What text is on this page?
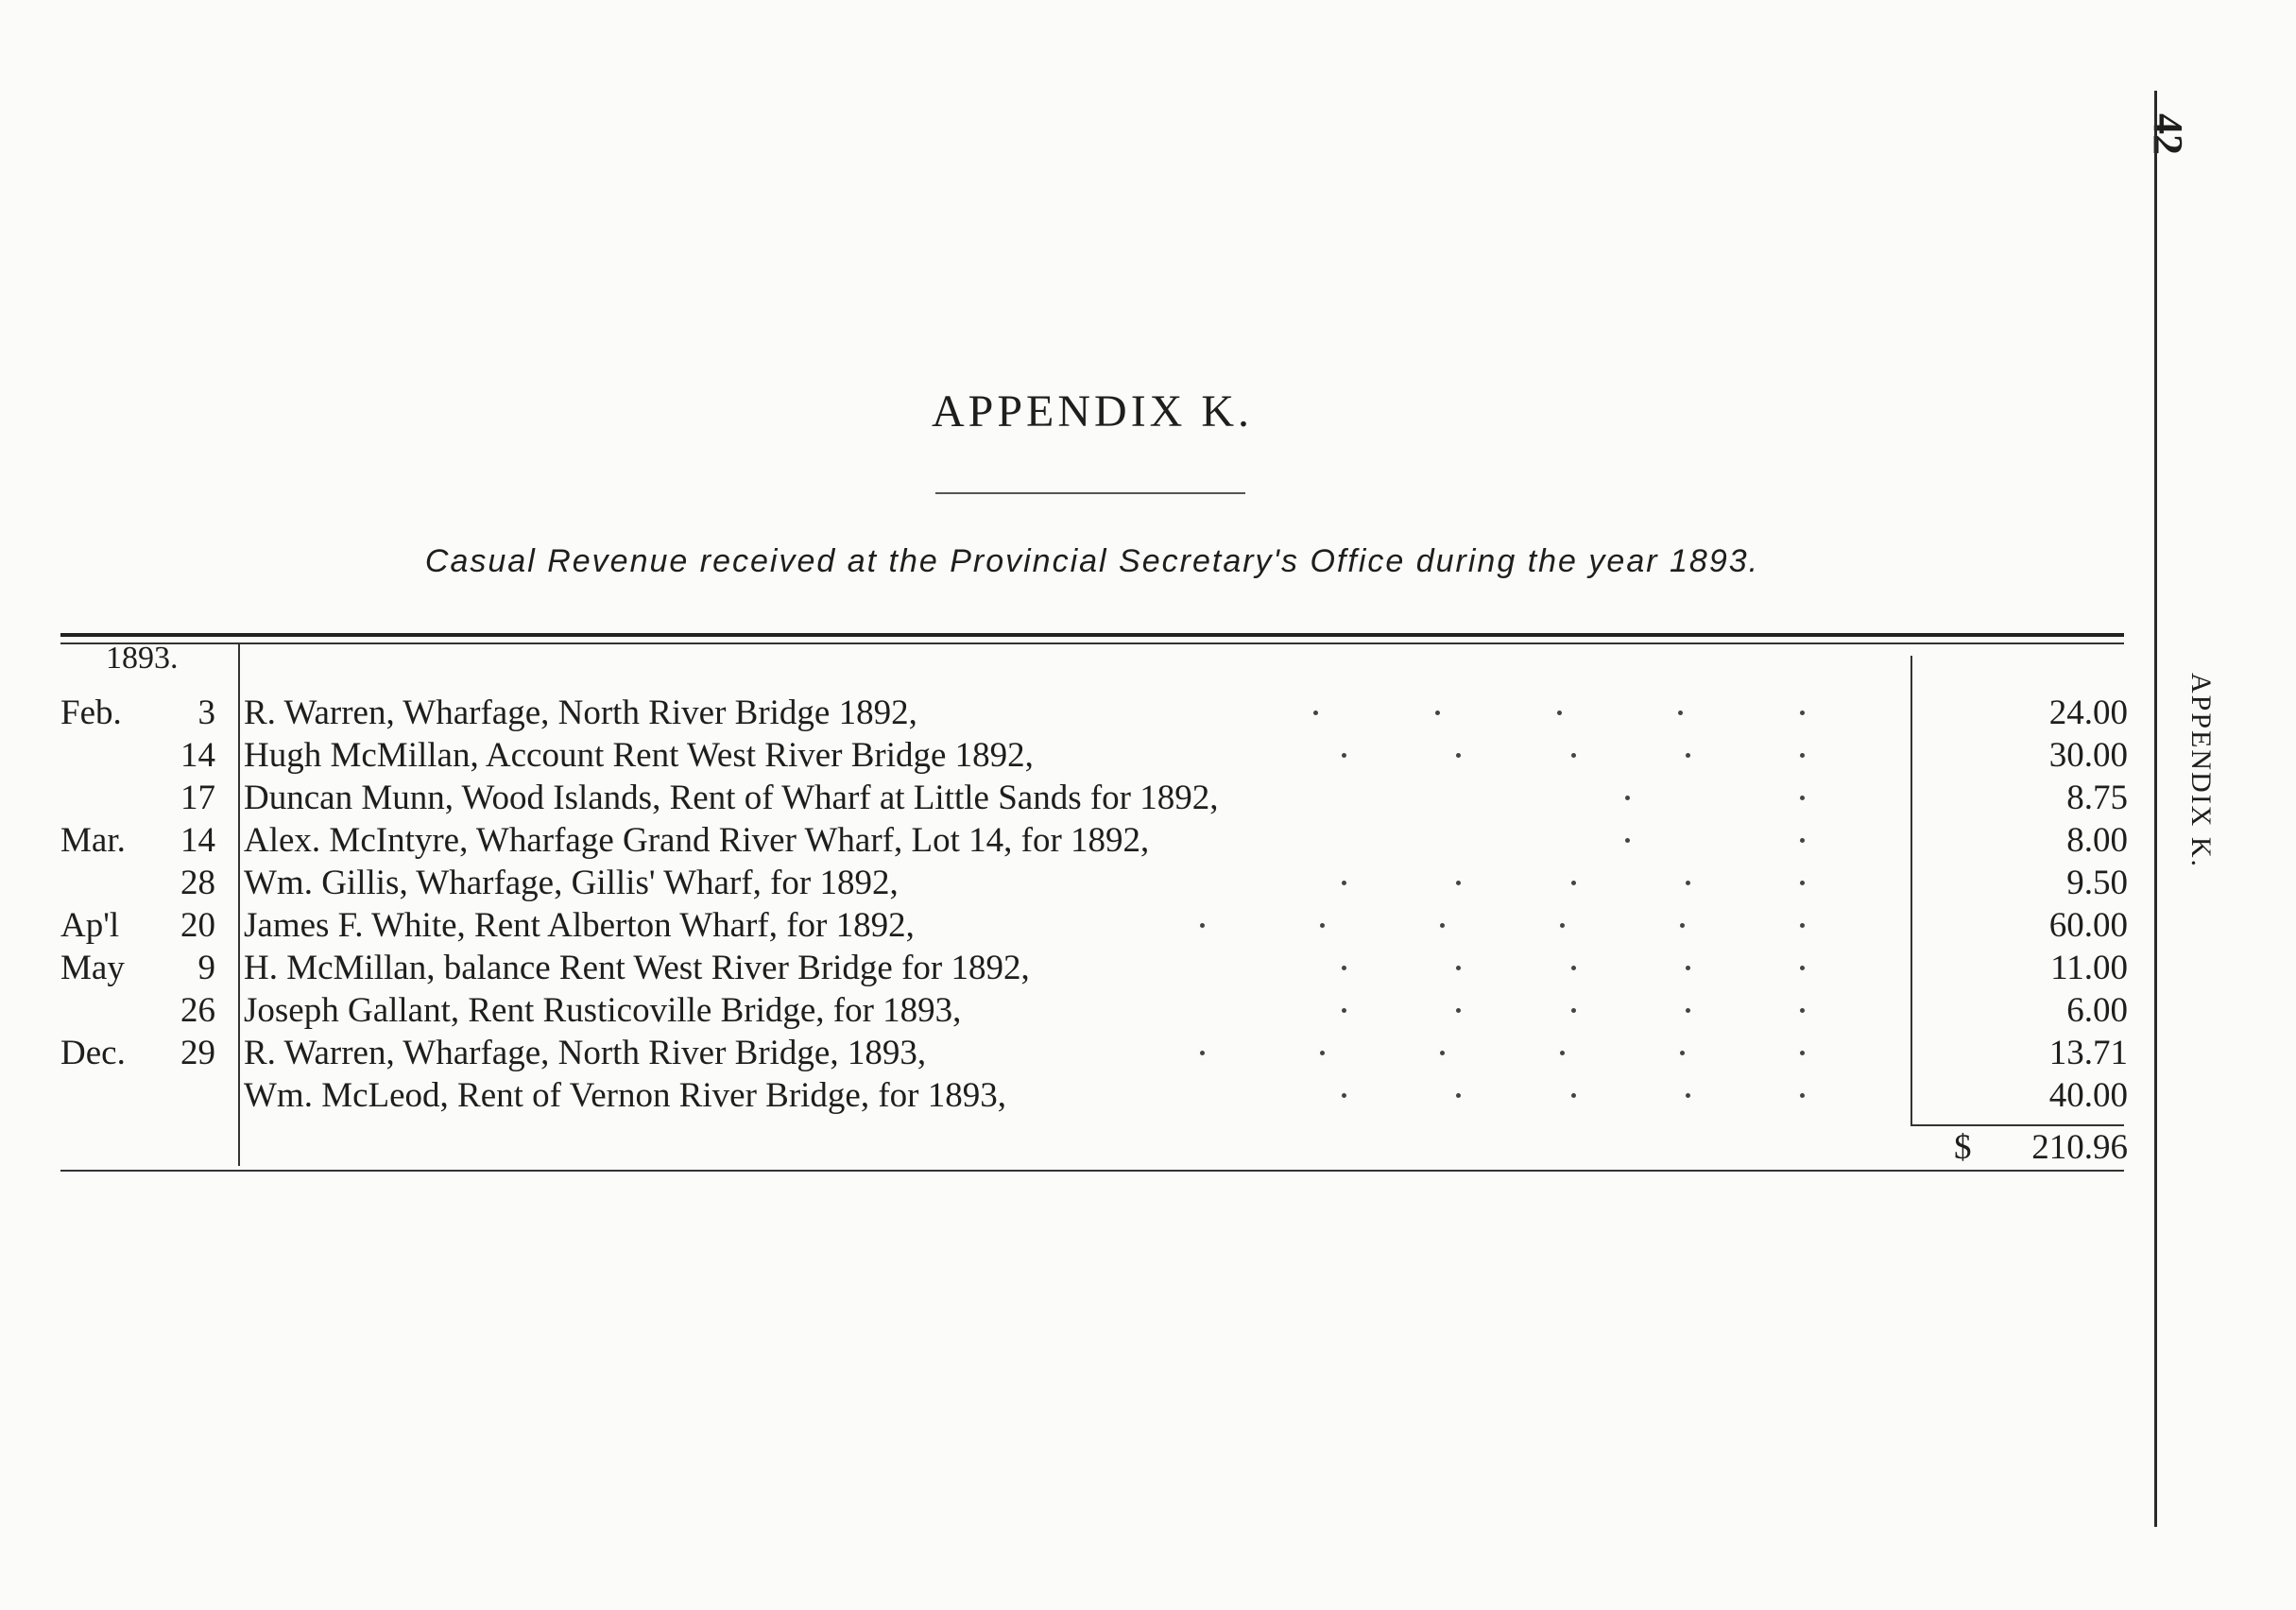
42
APPENDIX K.
APPENDIX K.
Casual Revenue received at the Provincial Secretary's Office during the year 1893.
1893.
Feb.	3 R. Warren, Wharfage, North River Bridge 1892,	24.00
14 Hugh McMillan, Account Rent West River Bridge 1892,	30.00
17 Duncan Munn, Wood Islands, Rent of Wharf at Little Sands for 1892,	8.75
Mar.	14 Alex. McIntyre, Wharfage Grand River Wharf, Lot 14, for 1892,	8.00
28 Wm. Gillis, Wharfage, Gillis' Wharf, for 1892,	9.50
Ap'l	20 James F. White, Rent Alberton Wharf, for 1892,	60.00
May	9 H. McMillan, balance Rent West River Bridge for 1892,	11.00
26 Joseph Gallant, Rent Rusticoville Bridge, for 1893,	6.00
Dec.	29 R. Warren, Wharfage, North River Bridge, 1893,	13.71
Wm. McLeod, Rent of Vernon River Bridge, for 1893,	40.00
$	210.96
